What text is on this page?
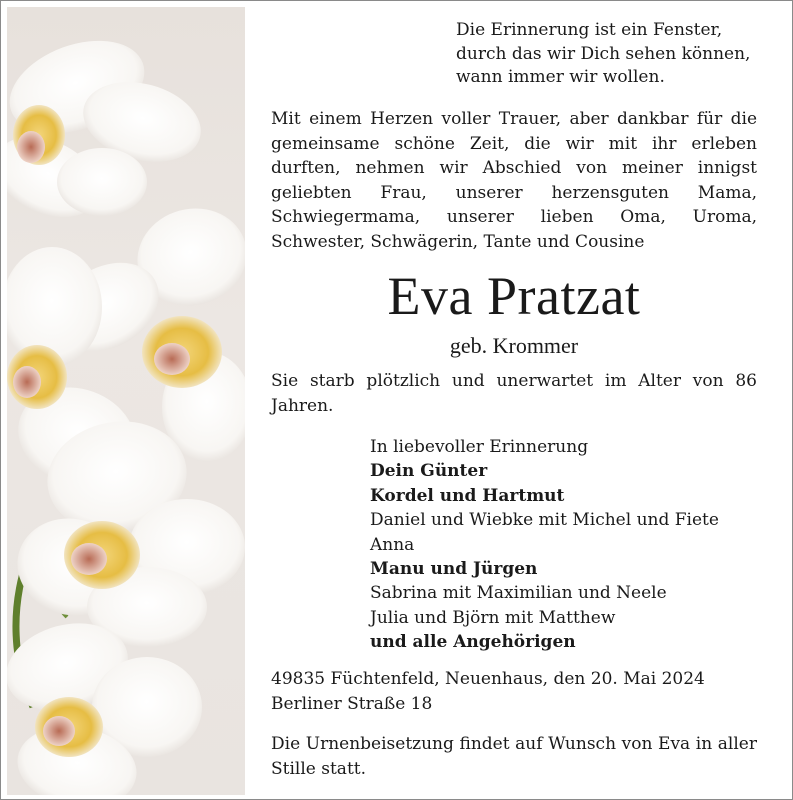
Die Erinnerung ist ein Fenster,
durch das wir Dich sehen können,
wann immer wir wollen.
Mit einem Herzen voller Trauer, aber dankbar für die gemeinsame schöne Zeit, die wir mit ihr erleben durften, nehmen wir Abschied von meiner innigst geliebten Frau, unserer herzensguten Mama, Schwiegermama, unserer lieben Oma, Uroma, Schwester, Schwägerin, Tante und Cousine
Eva Pratzat
geb. Krommer
Sie starb plötzlich und unerwartet im Alter von 86 Jahren.
In liebevoller Erinnerung
Dein Günter
Kordel und Hartmut
Daniel und Wiebke mit Michel und Fiete
Anna
Manu und Jürgen
Sabrina mit Maximilian und Neele
Julia und Björn mit Matthew
und alle Angehörigen
49835 Füchtenfeld, Neuenhaus, den 20. Mai 2024
Berliner Straße 18
Die Urnenbeisetzung findet auf Wunsch von Eva in aller Stille statt.
